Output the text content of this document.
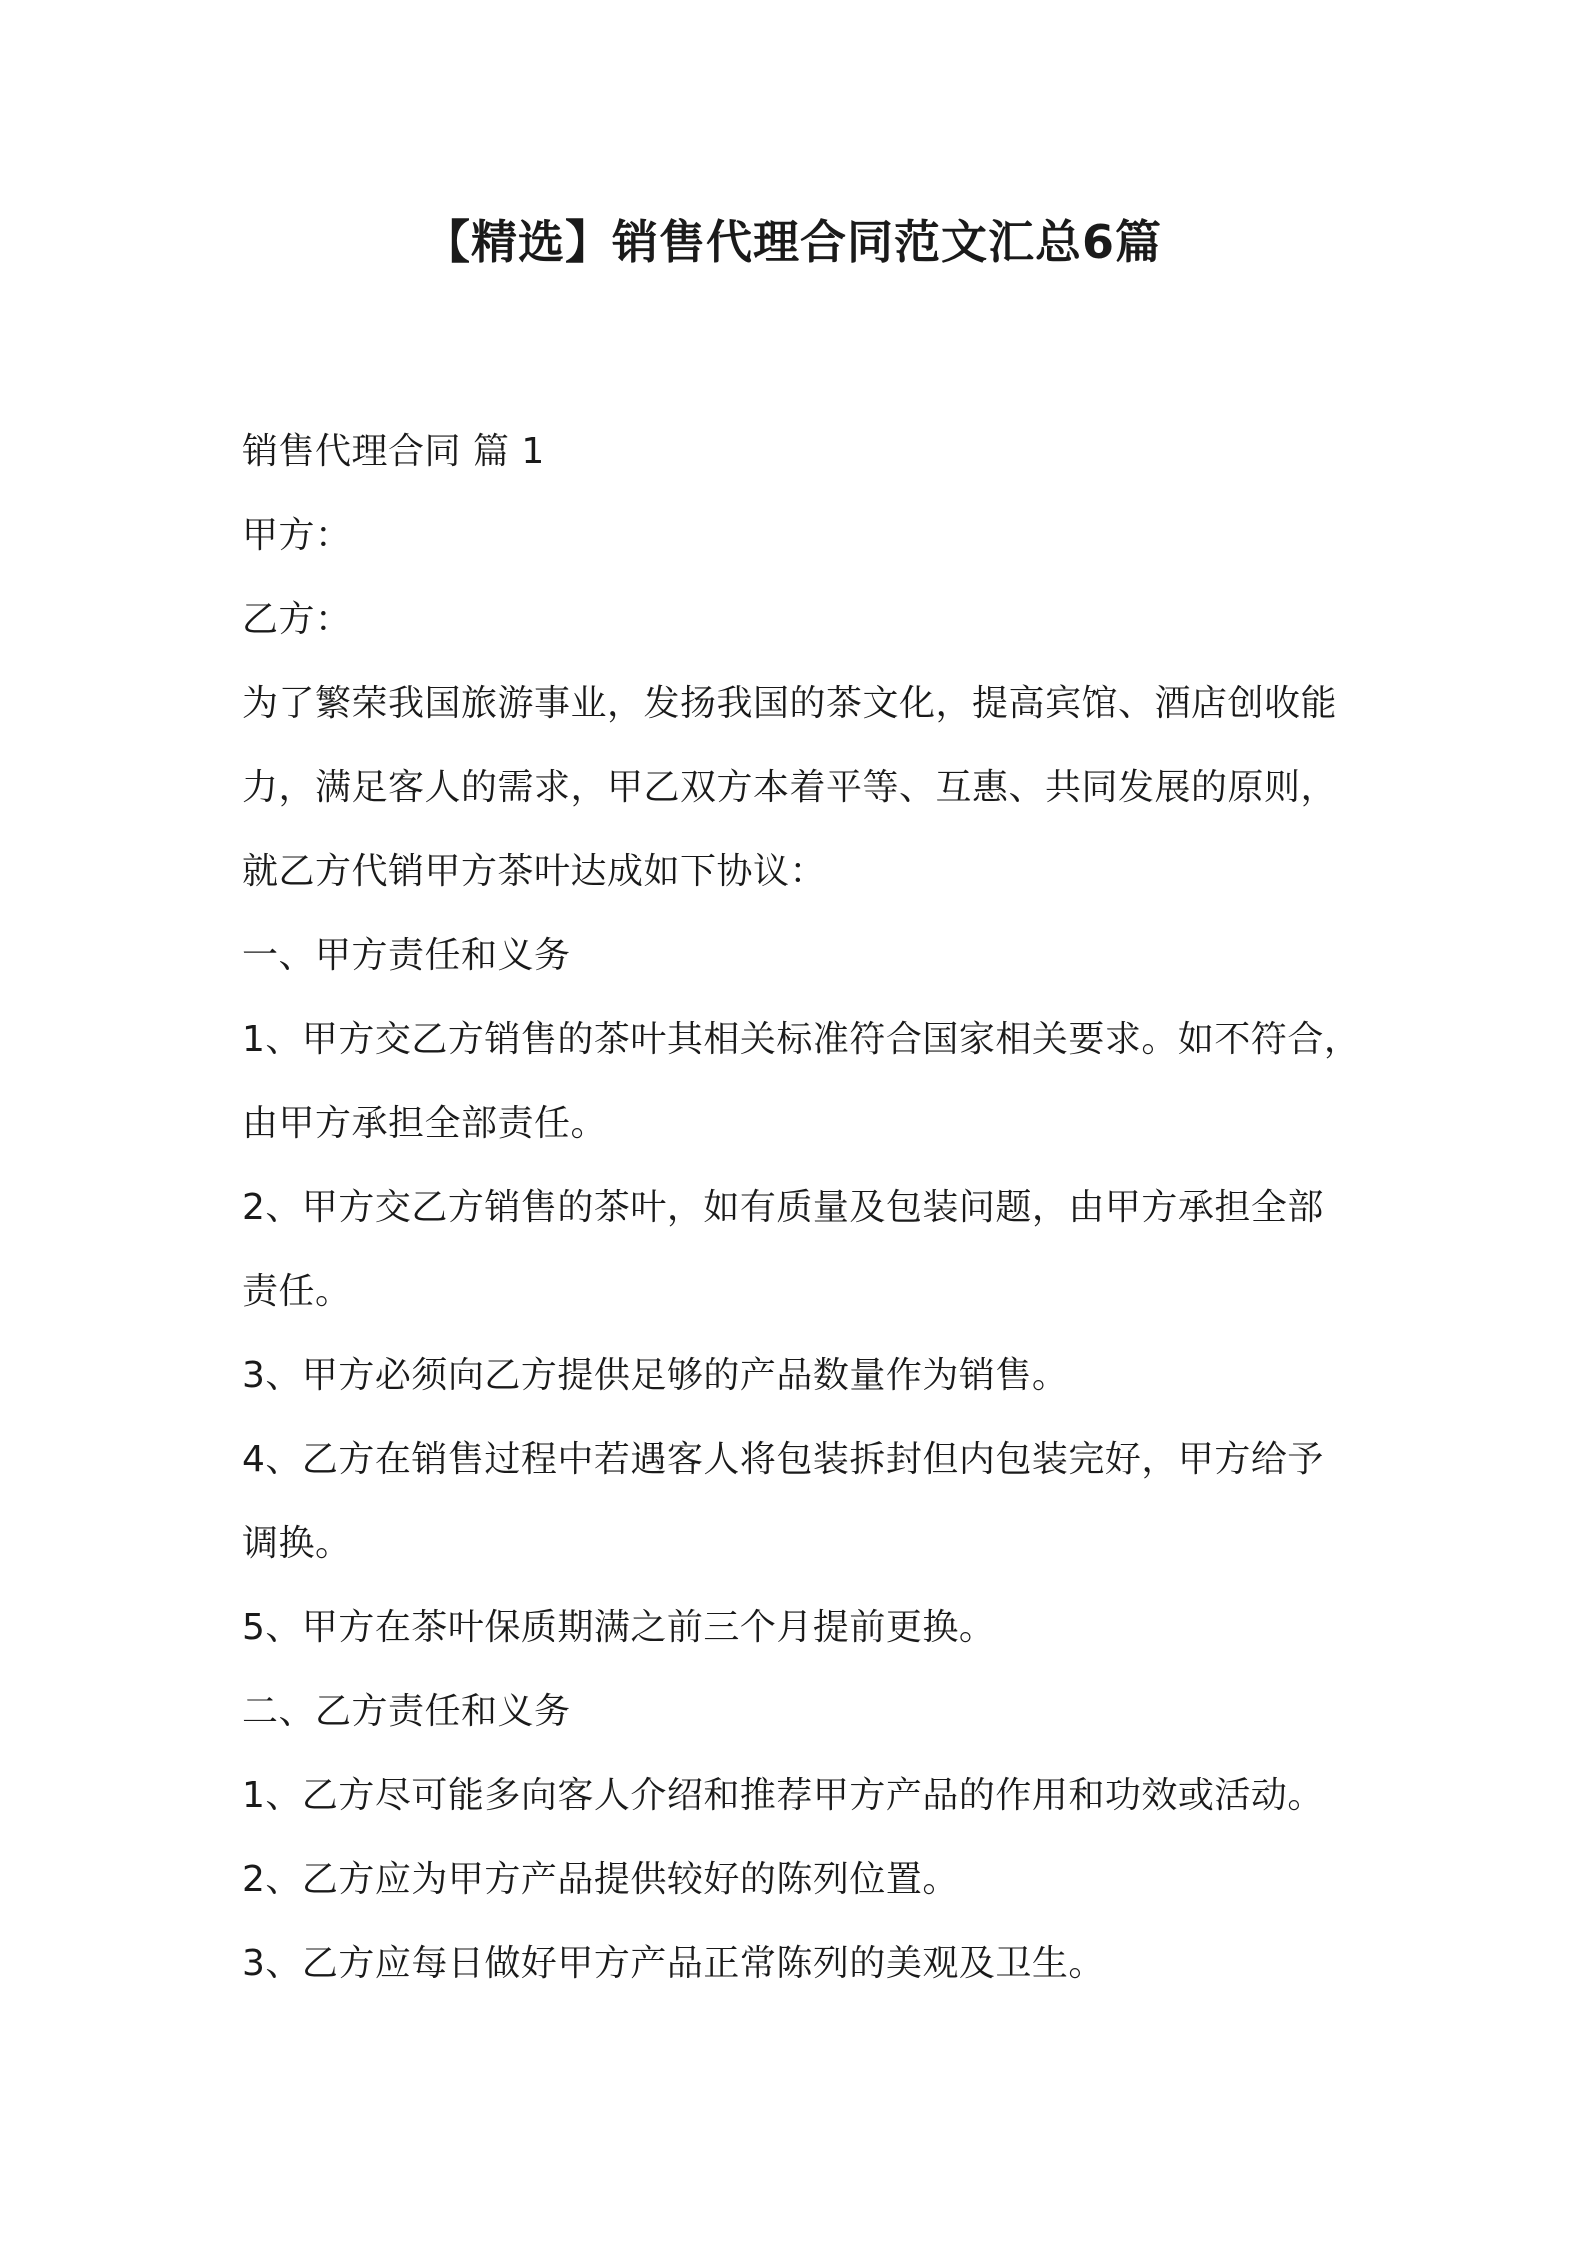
【精选】销售代理合同范文汇总6篇
销售代理合同 篇 1
甲方：
乙方：
为了繁荣我国旅游事业，发扬我国的茶文化，提高宾馆、酒店创收能
力，满足客人的需求，甲乙双方本着平等、互惠、共同发展的原则，
就乙方代销甲方茶叶达成如下协议：
一、甲方责任和义务
1、甲方交乙方销售的茶叶其相关标准符合国家相关要求。如不符合，
由甲方承担全部责任。
2、甲方交乙方销售的茶叶，如有质量及包装问题，由甲方承担全部
责任。
3、甲方必须向乙方提供足够的产品数量作为销售。
4、乙方在销售过程中若遇客人将包装拆封但内包装完好，甲方给予
调换。
5、甲方在茶叶保质期满之前三个月提前更换。
二、乙方责任和义务
1、乙方尽可能多向客人介绍和推荐甲方产品的作用和功效或活动。
2、乙方应为甲方产品提供较好的陈列位置。
3、乙方应每日做好甲方产品正常陈列的美观及卫生。
